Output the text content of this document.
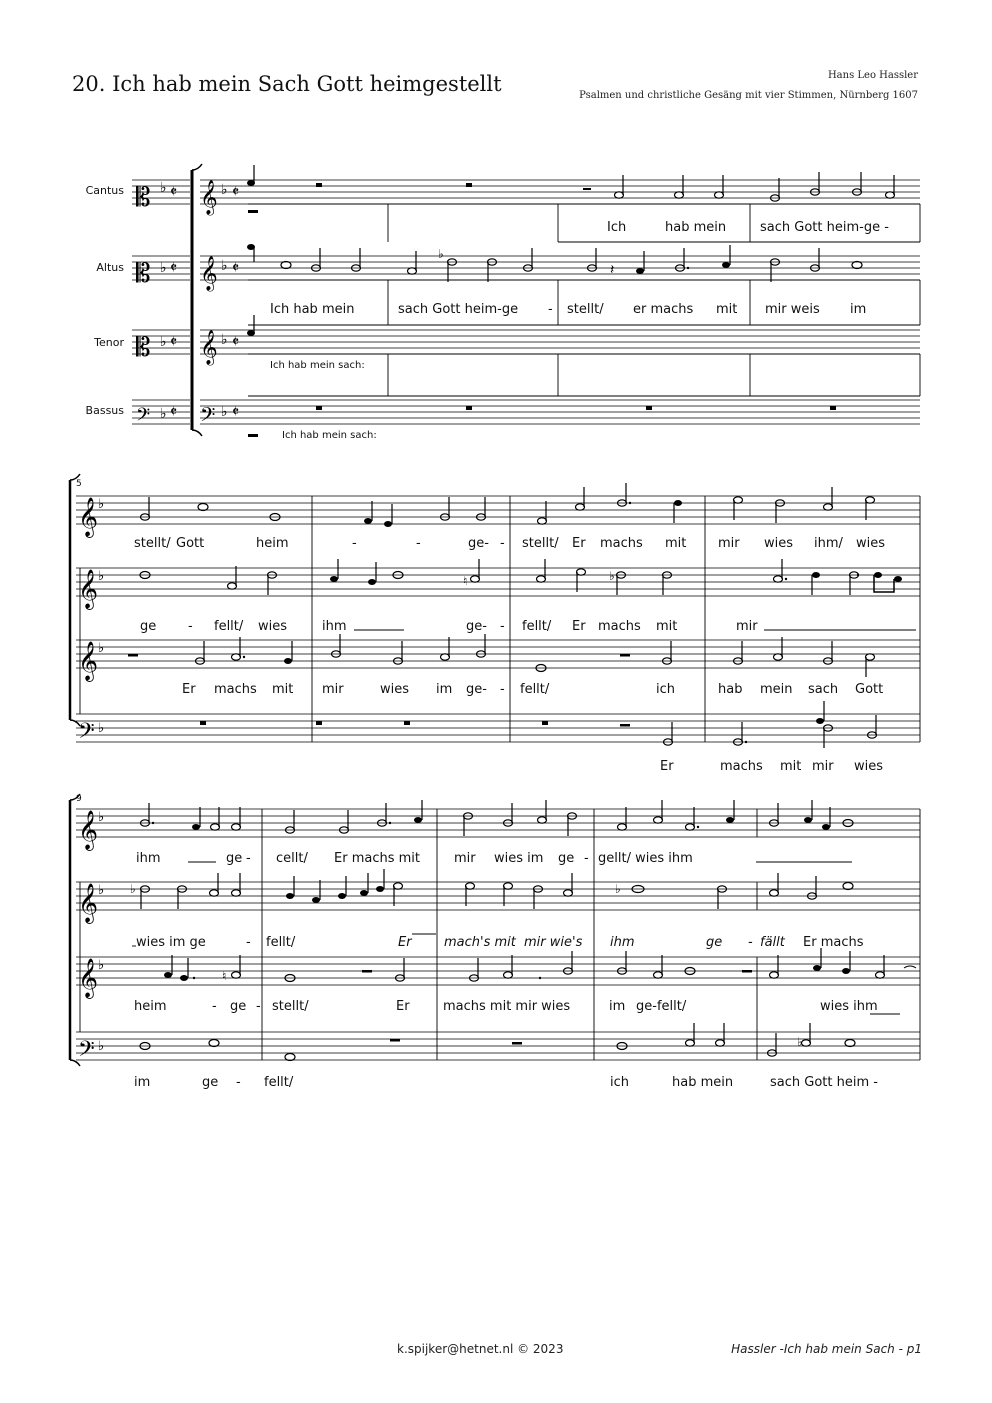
20. Ich hab mein Sach Gott heimgestellt	Hans Leo Hassler
Psalmen und christliche Gesäng mit vier Stimmen, Nürnberg 1607
Cantus
Altus
Tenor
Bassus
𝄡
𝄡
𝄡
𝄢
♭
♭
♭
♭
𝄵
𝄵
𝄵
𝄵
𝄞
𝄞
𝄞
𝄢
♭
♭
♭
♭
𝄵
𝄵
𝄵
𝄵
♭
𝄽
5
𝄞
𝄞
𝄞
𝄢
♭
♭
♭
♭
♮	♭
9
𝄞
𝄞
𝄞
𝄢
♭
♭
♭
♭
♭	♭
♮
♭
Ich	hab mein	sach Gott heim-ge -
Ich hab mein	sach Gott heim-ge - stellt/ er machs mit mir weis im
Ich hab mein sach:
Ich hab mein sach:
stellt/ Gott	heim	-	-	ge- - stellt/ Er machs mit mir wies ihm/ wies
ge - fellt/ wies	ihm	ge- - fellt/ Er machs mit	mir
Er machs mit mir	wies im ge- - fellt/	ich	hab mein sach Gott
Er	machs mit mir wies
ihm	ge - cellt/ Er machs mit	mir wies im ge - gellt/ wies ihm
wies im ge	- fellt/	Er mach's mit mir wie's ihm	ge - fällt Er machs
heim	- ge - stellt/	Er	machs mit mir wies	im ge-fellt/	wies ihm
im	ge - fellt/	ich	hab mein	sach Gott heim -
k.spijker@hetnet.nl © 2023	Hassler -Ich hab mein Sach - p1
